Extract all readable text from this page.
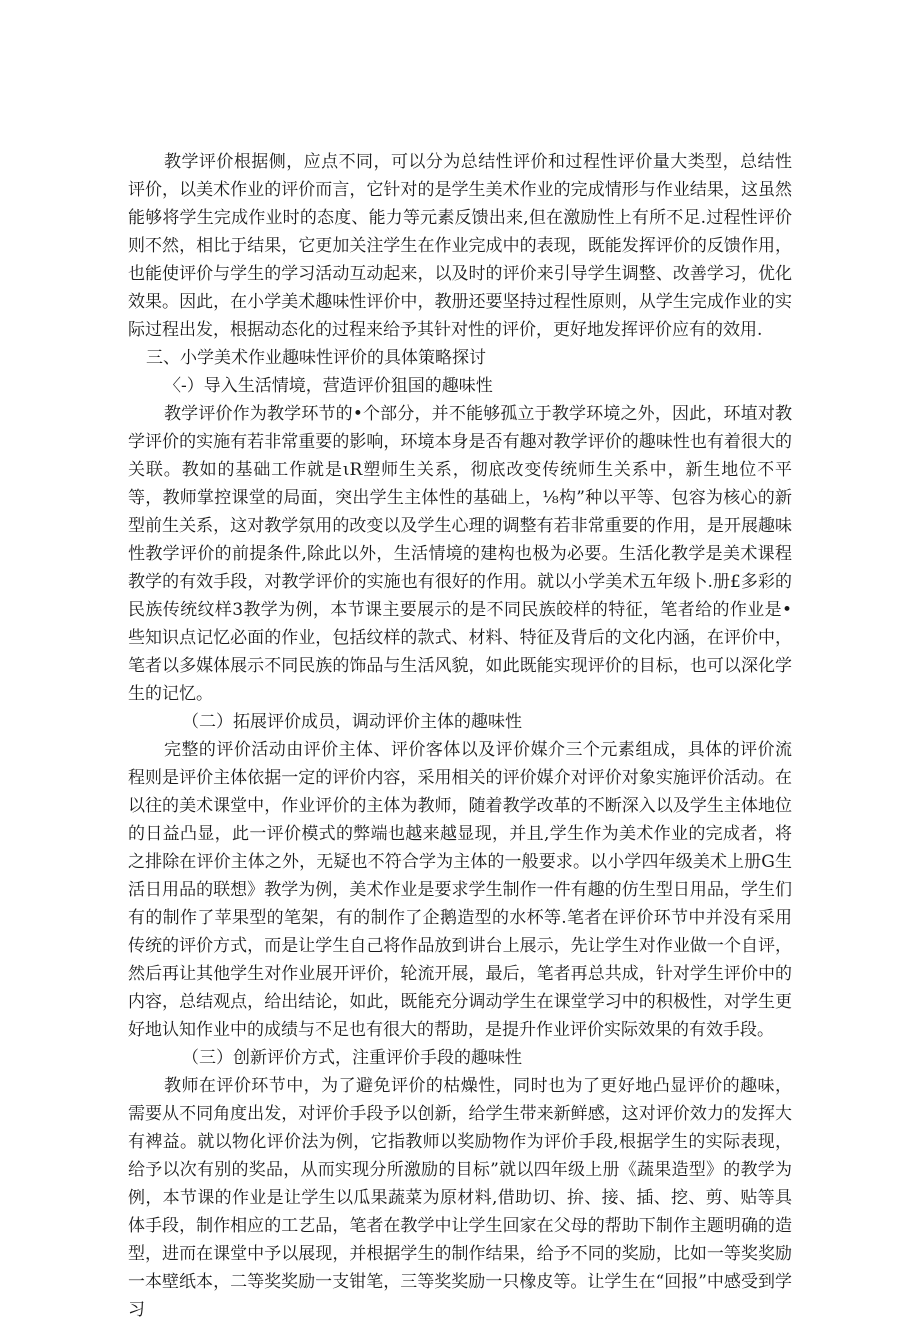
教学评价根据侧，应点不同，可以分为总结性评价和过程性评价量大类型，总结性评价，以美术作业的评价而言，它针对的是学生美术作业的完成情形与作业结果，这虽然能够将学生完成作业时的态度、能力等元素反馈出来,但在激励性上有所不足.过程性评价则不然，相比于结果，它更加关注学生在作业完成中的表现，既能发挥评价的反馈作用，也能使评价与学生的学习活动互动起来，以及时的评价来引导学生调整、改善学习，优化效果。因此，在小学美术趣味性评价中，教册还要坚持过程性原则，从学生完成作业的实际过程出发，根据动态化的过程来给予其针对性的评价，更好地发挥评价应有的效用.

三、小学美术作业趣味性评价的具体策略探讨

〈-）导入生活情境，营造评价狙国的趣味性

教学评价作为教学环节的•个部分，并不能够孤立于教学环境之外，因此，环埴对教学评价的实施有若非常重要的影响，环境本身是否有趣对教学评价的趣味性也有着很大的关联。教如的基础工作就是ιR塑师生关系，彻底改变传统师生关系中，新生地位不平等，教师掌控课堂的局面，突出学生主体性的基础上，⅛构”种以平等、包容为核心的新型前生关系，这对教学氛用的改变以及学生心理的调整有若非常重要的作用，是开展趣味性教学评价的前提条件,除此以外，生活情境的建构也极为必要。生活化教学是美术课程教学的有效手段，对教学评价的实施也有很好的作用。就以小学美术五年级卜.册£多彩的民族传统纹样3教学为例，本节课主要展示的是不同民族皎样的特征，笔者给的作业是•些知识点记忆必面的作业，包括纹样的款式、材料、特征及背后的文化内涵，在评价中，笔者以多媒体展示不同民族的饰品与生活风貌，如此既能实现评价的目标，也可以深化学生的记忆。

（二）拓展评价成员，调动评价主体的趣味性

完整的评价活动由评价主体、评价客体以及评价媒介三个元素组成，具体的评价流程则是评价主体依据一定的评价内容，采用相关的评价媒介对评价对象实施评价活动。在以往的美术课堂中，作业评价的主体为教师，随着教学改革的不断深入以及学生主体地位的日益凸显，此一评价模式的弊端也越来越显现，并且,学生作为美术作业的完成者，将之排除在评价主体之外，无疑也不符合学为主体的一般要求。以小学四年级美术上册G生活日用品的联想》教学为例，美术作业是要求学生制作一件有趣的仿生型日用品，学生们有的制作了苹果型的笔架，有的制作了企鹅造型的水杯等.笔者在评价环节中并没有采用传统的评价方式，而是让学生自己将作品放到讲台上展示，先让学生对作业做一个自评，然后再让其他学生对作业展开评价，轮流开展，最后，笔者再总共成，针对学生评价中的内容，总结观点，给出结论，如此，既能充分调动学生在课堂学习中的积极性，对学生更好地认知作业中的成绩与不足也有很大的帮助，是提升作业评价实际效果的有效手段。

（三）创新评价方式，注重评价手段的趣味性

教师在评价环节中，为了避免评价的枯燥性，同时也为了更好地凸显评价的趣味，需要从不同角度出发，对评价手段予以创新，给学生带来新鲜感，这对评价效力的发挥大有裨益。就以物化评价法为例，它指教师以奖励物作为评价手段,根据学生的实际表现，给予以次有别的奖品，从而实现分所激励的目标”就以四年级上册《蔬果造型》的教学为例，本节课的作业是让学生以瓜果蔬菜为原材料,借助切、拚、接、插、挖、剪、贴等具体手段，制作相应的工艺品，笔者在教学中让学生回家在父母的帮助下制作主题明确的造型，进而在课堂中予以展现，并根据学生的制作结果，给予不同的奖励，比如一等奖奖励一本壁纸本，二等奖奖励一支钳笔，三等奖奖励一只橡皮等。让学生在“回报”中感受到学习
